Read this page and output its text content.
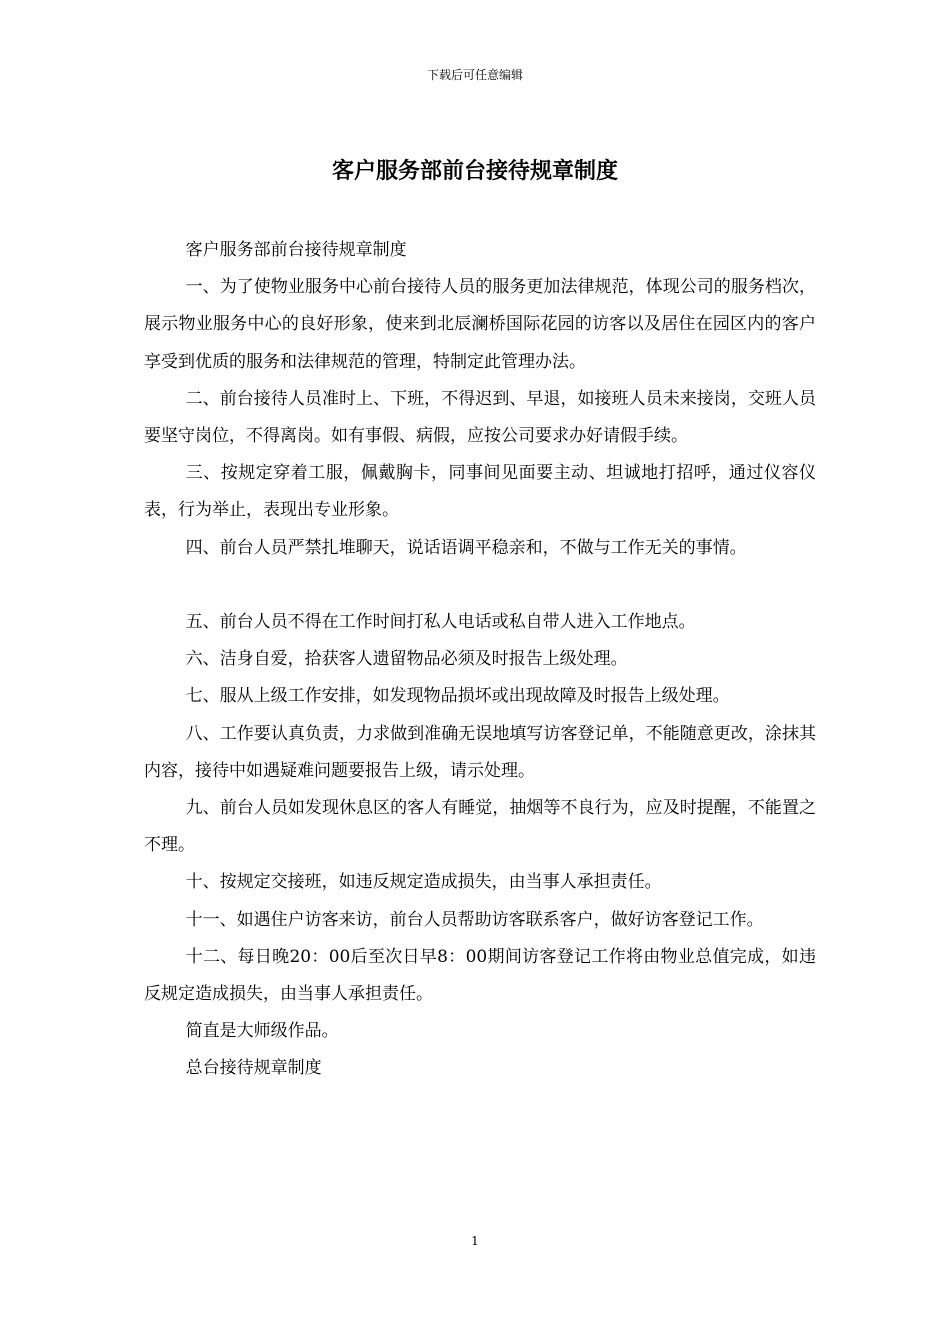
下载后可任意编辑
客户服务部前台接待规章制度

客户服务部前台接待规章制度

一、为了使物业服务中心前台接待人员的服务更加法律规范，体现公司的服务档次，展示物业服务中心的良好形象，使来到北辰澜桥国际花园的访客以及居住在园区内的客户享受到优质的服务和法律规范的管理，特制定此管理办法。

二、前台接待人员准时上、下班，不得迟到、早退，如接班人员未来接岗，交班人员要坚守岗位，不得离岗。如有事假、病假，应按公司要求办好请假手续。

三、按规定穿着工服，佩戴胸卡，同事间见面要主动、坦诚地打招呼，通过仪容仪表，行为举止，表现出专业形象。

四、前台人员严禁扎堆聊天，说话语调平稳亲和，不做与工作无关的事情。

五、前台人员不得在工作时间打私人电话或私自带人进入工作地点。

六、洁身自爱，拾获客人遗留物品必须及时报告上级处理。

七、服从上级工作安排，如发现物品损坏或出现故障及时报告上级处理。

八、工作要认真负责，力求做到准确无误地填写访客登记单，不能随意更改，涂抹其内容，接待中如遇疑难问题要报告上级，请示处理。

九、前台人员如发现休息区的客人有睡觉，抽烟等不良行为，应及时提醒，不能置之不理。

十、按规定交接班，如违反规定造成损失，由当事人承担责任。

十一、如遇住户访客来访，前台人员帮助访客联系客户，做好访客登记工作。

十二、每日晚20：00后至次日早8：00期间访客登记工作将由物业总值完成，如违反规定造成损失，由当事人承担责任。

简直是大师级作品。

总台接待规章制度

1
